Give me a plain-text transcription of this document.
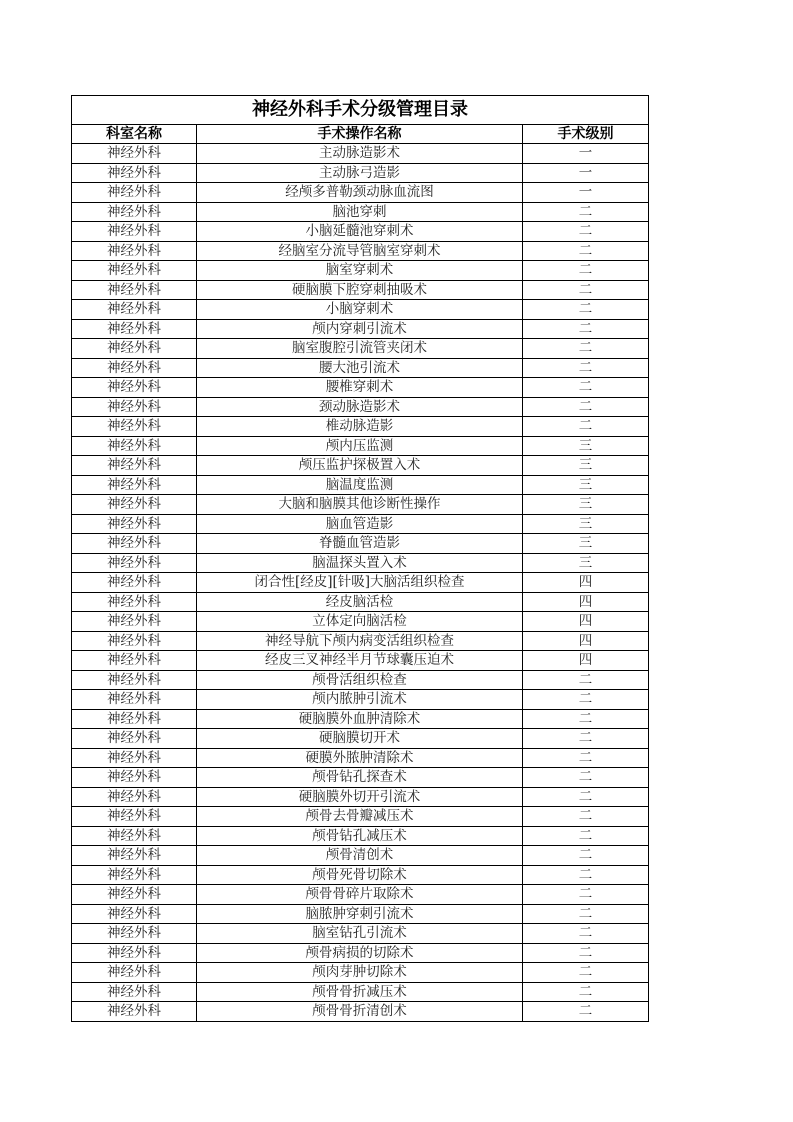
神经外科手术分级管理目录		
科室名称	手术操作名称	手术级别
神经外科	主动脉造影术	一
神经外科	主动脉弓造影	一
神经外科	经颅多普勒颈动脉血流图	一
神经外科	脑池穿刺	二
神经外科	小脑延髓池穿刺术	二
神经外科	经脑室分流导管脑室穿刺术	二
神经外科	脑室穿刺术	二
神经外科	硬脑膜下腔穿刺抽吸术	二
神经外科	小脑穿刺术	二
神经外科	颅内穿刺引流术	二
神经外科	脑室腹腔引流管夹闭术	二
神经外科	腰大池引流术	二
神经外科	腰椎穿刺术	二
神经外科	颈动脉造影术	二
神经外科	椎动脉造影	二
神经外科	颅内压监测	三
神经外科	颅压监护探极置入术	三
神经外科	脑温度监测	三
神经外科	大脑和脑膜其他诊断性操作	三
神经外科	脑血管造影	三
神经外科	脊髓血管造影	三
神经外科	脑温探头置入术	三
神经外科	闭合性[经皮][针吸]大脑活组织检查	四
神经外科	经皮脑活检	四
神经外科	立体定向脑活检	四
神经外科	神经导航下颅内病变活组织检查	四
神经外科	经皮三叉神经半月节球囊压迫术	四
神经外科	颅骨活组织检查	二
神经外科	颅内脓肿引流术	二
神经外科	硬脑膜外血肿清除术	二
神经外科	硬脑膜切开术	二
神经外科	硬膜外脓肿清除术	二
神经外科	颅骨钻孔探查术	二
神经外科	硬脑膜外切开引流术	二
神经外科	颅骨去骨瓣减压术	二
神经外科	颅骨钻孔减压术	二
神经外科	颅骨清创术	二
神经外科	颅骨死骨切除术	二
神经外科	颅骨骨碎片取除术	二
神经外科	脑脓肿穿刺引流术	二
神经外科	脑室钻孔引流术	二
神经外科	颅骨病损的切除术	二
神经外科	颅肉芽肿切除术	二
神经外科	颅骨骨折减压术	二
神经外科	颅骨骨折清创术	二
